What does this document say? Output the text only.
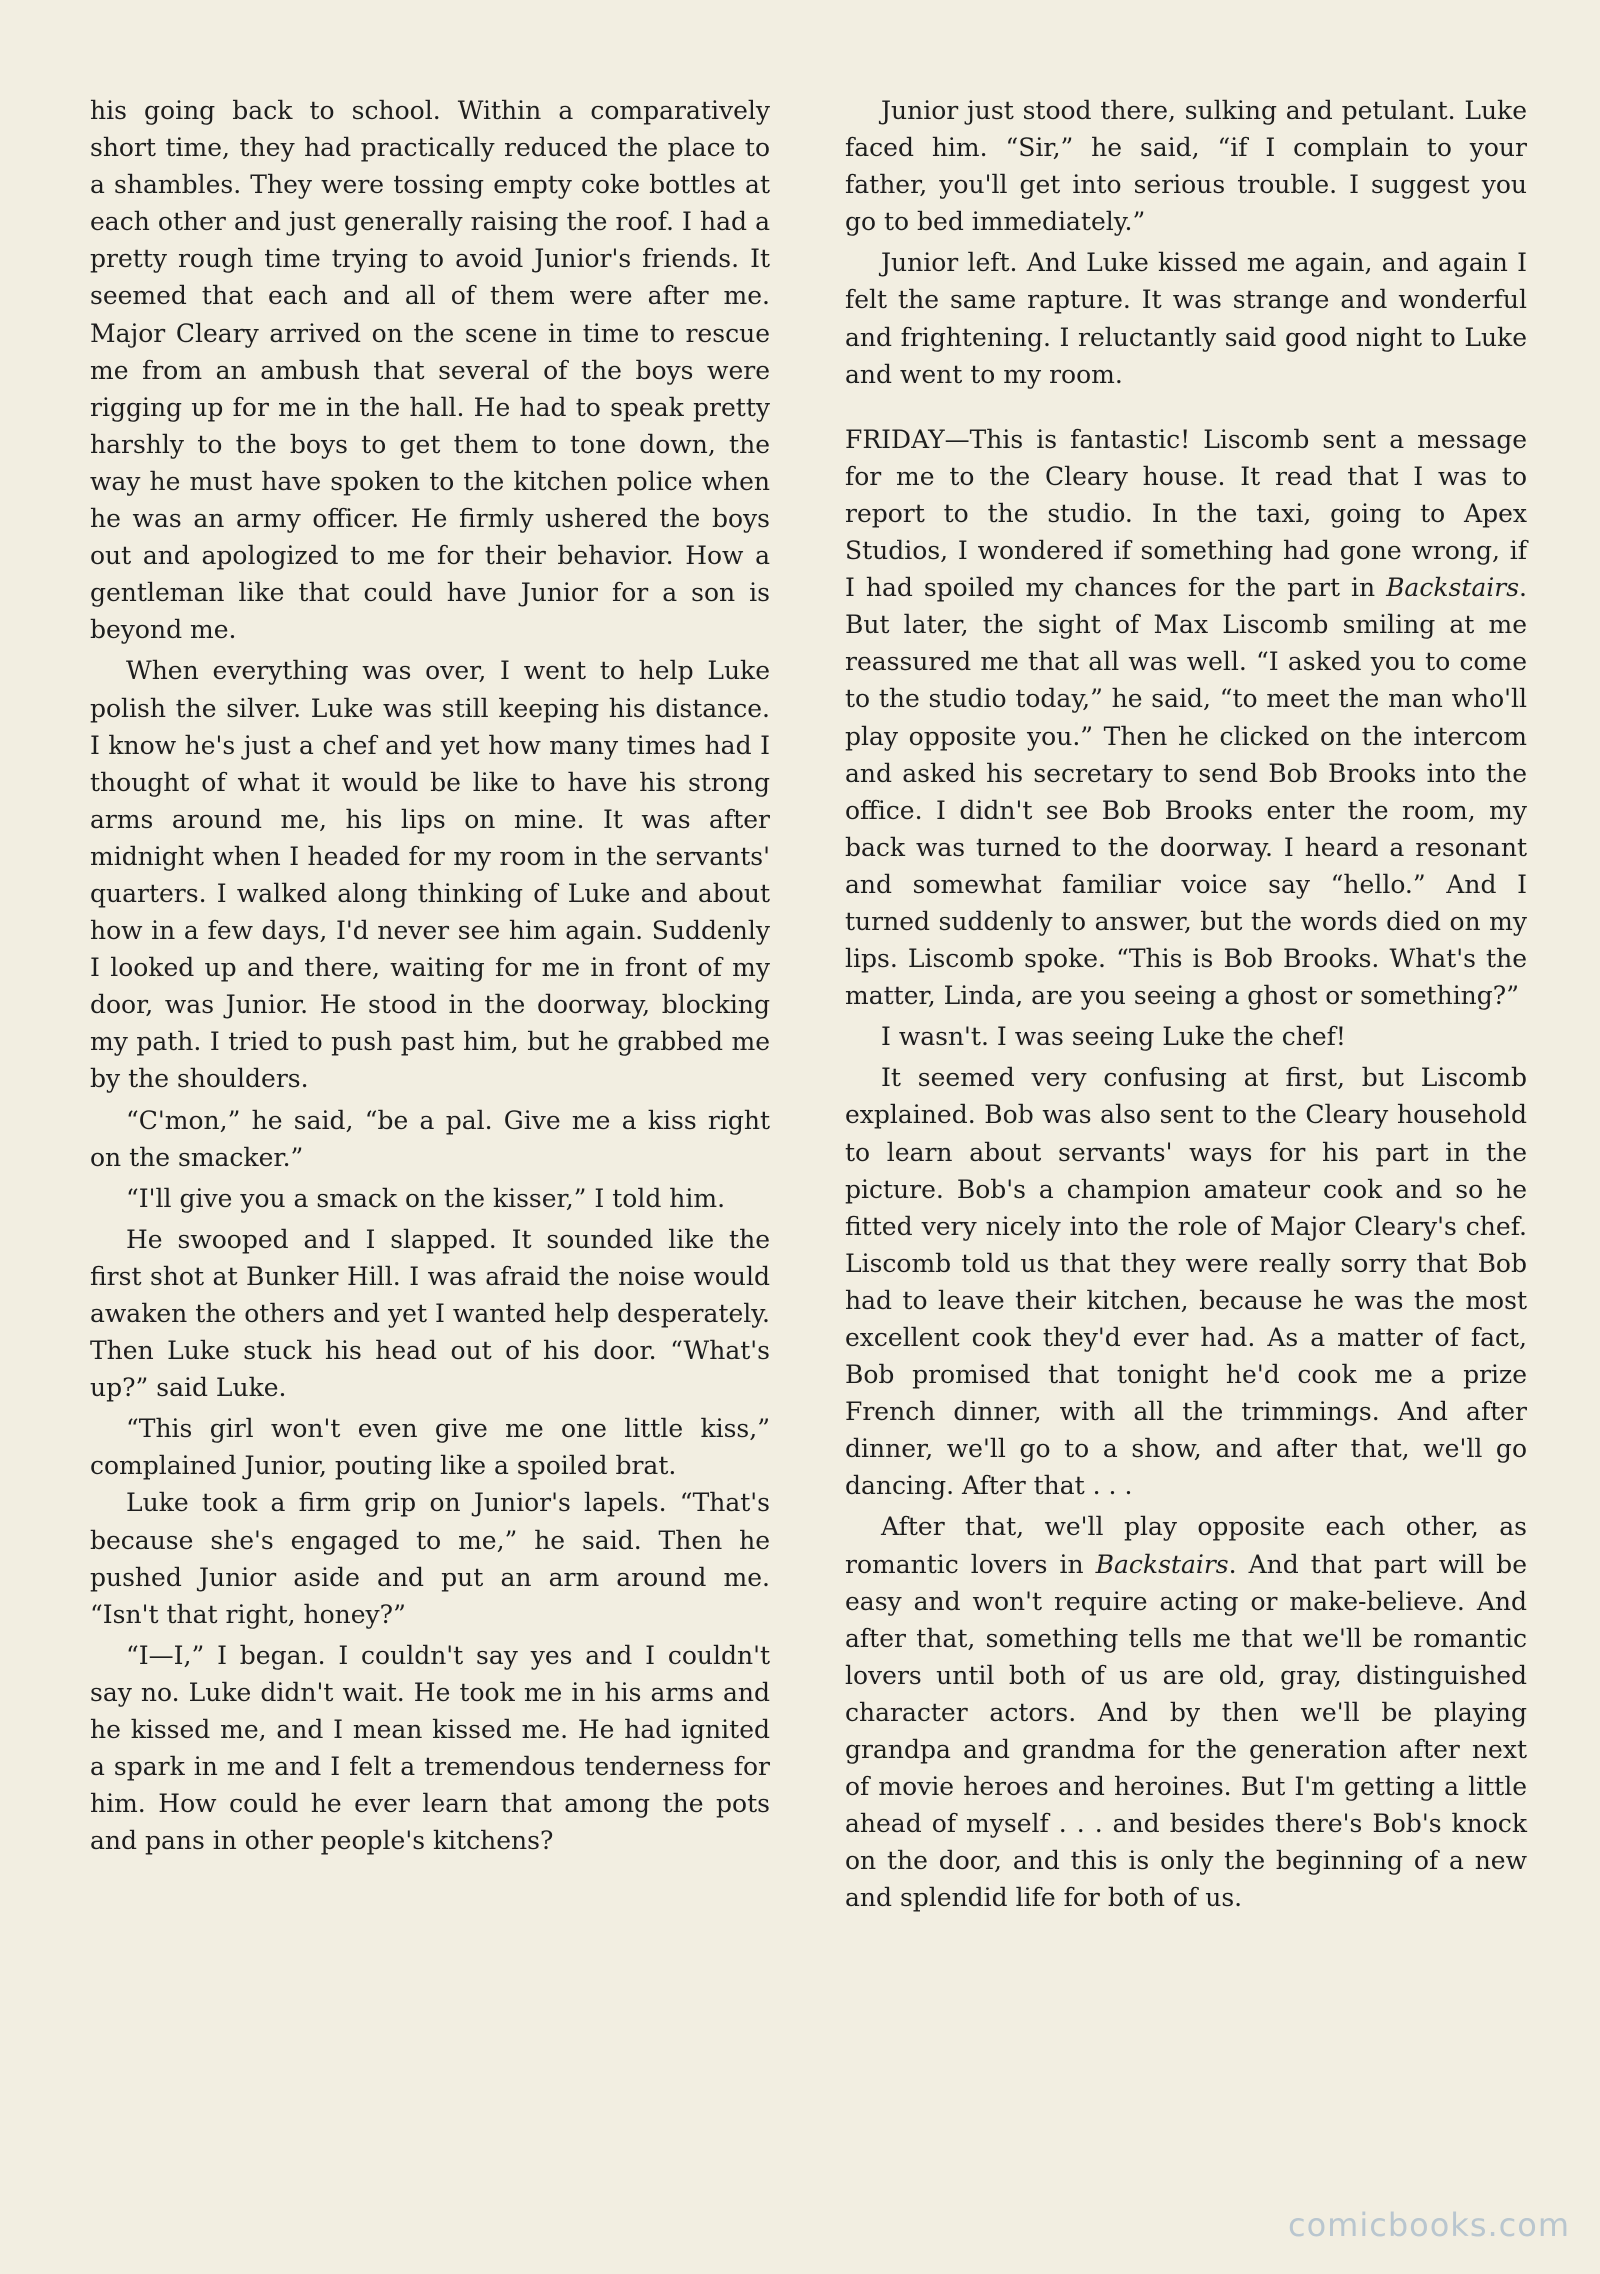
his going back to school. Within a comparatively short time, they had practically reduced the place to a shambles. They were tossing empty coke bottles at each other and just generally raising the roof. I had a pretty rough time trying to avoid Junior's friends. It seemed that each and all of them were after me. Major Cleary arrived on the scene in time to rescue me from an ambush that several of the boys were rigging up for me in the hall. He had to speak pretty harshly to the boys to get them to tone down, the way he must have spoken to the kitchen police when he was an army officer. He firmly ushered the boys out and apologized to me for their behavior. How a gentleman like that could have Junior for a son is beyond me.

When everything was over, I went to help Luke polish the silver. Luke was still keeping his distance. I know he's just a chef and yet how many times had I thought of what it would be like to have his strong arms around me, his lips on mine. It was after midnight when I headed for my room in the servants' quarters. I walked along thinking of Luke and about how in a few days, I'd never see him again. Suddenly I looked up and there, waiting for me in front of my door, was Junior. He stood in the doorway, blocking my path. I tried to push past him, but he grabbed me by the shoulders.

“C'mon,” he said, “be a pal. Give me a kiss right on the smacker.”

“I'll give you a smack on the kisser,” I told him.

He swooped and I slapped. It sounded like the first shot at Bunker Hill. I was afraid the noise would awaken the others and yet I wanted help desperately. Then Luke stuck his head out of his door. “What's up?” said Luke.

“This girl won't even give me one little kiss,” complained Junior, pouting like a spoiled brat.

Luke took a firm grip on Junior's lapels. “That's because she's engaged to me,” he said. Then he pushed Junior aside and put an arm around me. “Isn't that right, honey?”

“I—I,” I began. I couldn't say yes and I couldn't say no. Luke didn't wait. He took me in his arms and he kissed me, and I mean kissed me. He had ignited a spark in me and I felt a tremendous tenderness for him. How could he ever learn that among the pots and pans in other people's kitchens?

Junior just stood there, sulking and petulant. Luke faced him. “Sir,” he said, “if I complain to your father, you'll get into serious trouble. I suggest you go to bed immediately.”

Junior left. And Luke kissed me again, and again I felt the same rapture. It was strange and wonderful and frightening. I reluctantly said good night to Luke and went to my room.

FRIDAY—This is fantastic! Liscomb sent a message for me to the Cleary house. It read that I was to report to the studio. In the taxi, going to Apex Studios, I wondered if something had gone wrong, if I had spoiled my chances for the part in Backstairs. But later, the sight of Max Liscomb smiling at me reassured me that all was well. “I asked you to come to the studio today,” he said, “to meet the man who'll play opposite you.” Then he clicked on the intercom and asked his secretary to send Bob Brooks into the office. I didn't see Bob Brooks enter the room, my back was turned to the doorway. I heard a resonant and somewhat familiar voice say “hello.” And I turned suddenly to answer, but the words died on my lips. Liscomb spoke. “This is Bob Brooks. What's the matter, Linda, are you seeing a ghost or something?”

I wasn't. I was seeing Luke the chef!

It seemed very confusing at first, but Liscomb explained. Bob was also sent to the Cleary household to learn about servants' ways for his part in the picture. Bob's a champion amateur cook and so he fitted very nicely into the role of Major Cleary's chef. Liscomb told us that they were really sorry that Bob had to leave their kitchen, because he was the most excellent cook they'd ever had. As a matter of fact, Bob promised that tonight he'd cook me a prize French dinner, with all the trimmings. And after dinner, we'll go to a show, and after that, we'll go dancing. After that . . .

After that, we'll play opposite each other, as romantic lovers in Backstairs. And that part will be easy and won't require acting or make-believe. And after that, something tells me that we'll be romantic lovers until both of us are old, gray, distinguished character actors. And by then we'll be playing grandpa and grandma for the generation after next of movie heroes and heroines. But I'm getting a little ahead of myself . . . and besides there's Bob's knock on the door, and this is only the beginning of a new and splendid life for both of us.

comicbooks.com
